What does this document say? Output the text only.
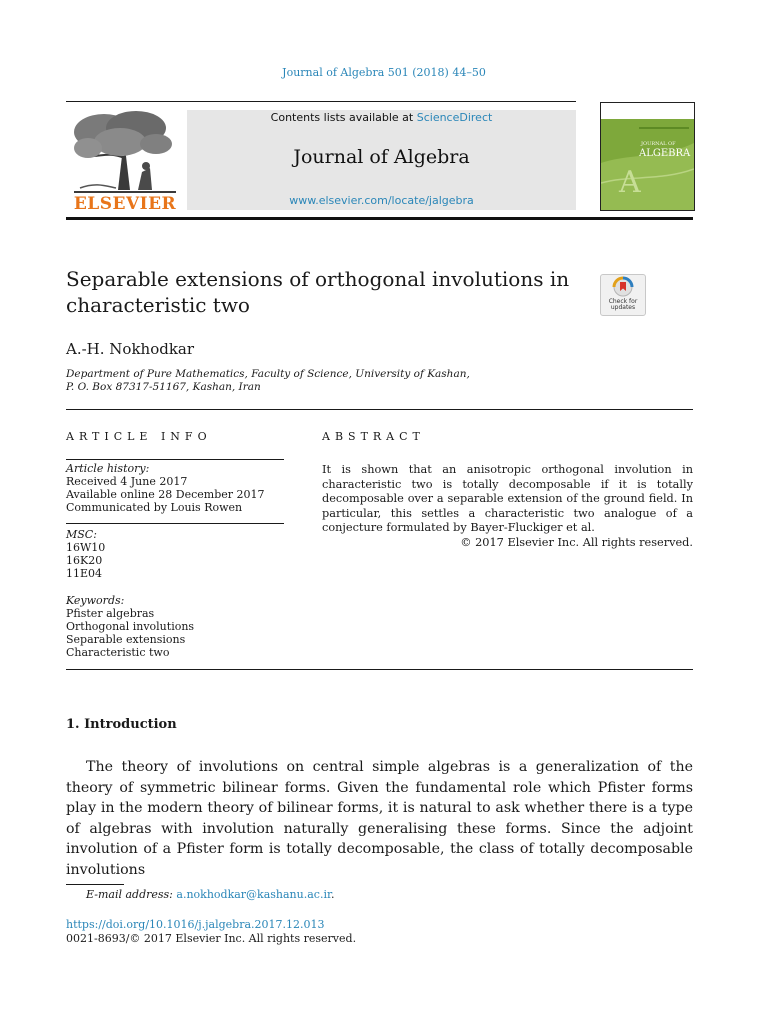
Journal of Algebra 501 (2018) 44–50
ELSEVIER
Contents lists available at ScienceDirect
Journal of Algebra
www.elsevier.com/locate/jalgebra
JOURNAL OF
ALGEBRA
A
Separable extensions of orthogonal involutions in characteristic two	Check for
updates
A.-H. Nokhodkar
Department of Pure Mathematics, Faculty of Science, University of Kashan,
P. O. Box 87317-51167, Kashan, Iran
ARTICLE INFO	ABSTRACT
Article history:
Received 4 June 2017
Available online 28 December 2017
Communicated by Louis Rowen
MSC:
16W10
16K20
11E04
Keywords:
Pfister algebras
Orthogonal involutions
Separable extensions
Characteristic two
It is shown that an anisotropic orthogonal involution in characteristic two is totally decomposable if it is totally decomposable over a separable extension of the ground field. In particular, this settles a characteristic two analogue of a conjecture formulated by Bayer-Fluckiger et al.
© 2017 Elsevier Inc. All rights reserved.
1. Introduction
The theory of involutions on central simple algebras is a generalization of the theory of symmetric bilinear forms. Given the fundamental role which Pfister forms play in the modern theory of bilinear forms, it is natural to ask whether there is a type of algebras with involution naturally generalising these forms. Since the adjoint involution of a Pfister form is totally decomposable, the class of totally decomposable involutions
E-mail address: a.nokhodkar@kashanu.ac.ir.
https://doi.org/10.1016/j.jalgebra.2017.12.013
0021-8693/© 2017 Elsevier Inc. All rights reserved.
